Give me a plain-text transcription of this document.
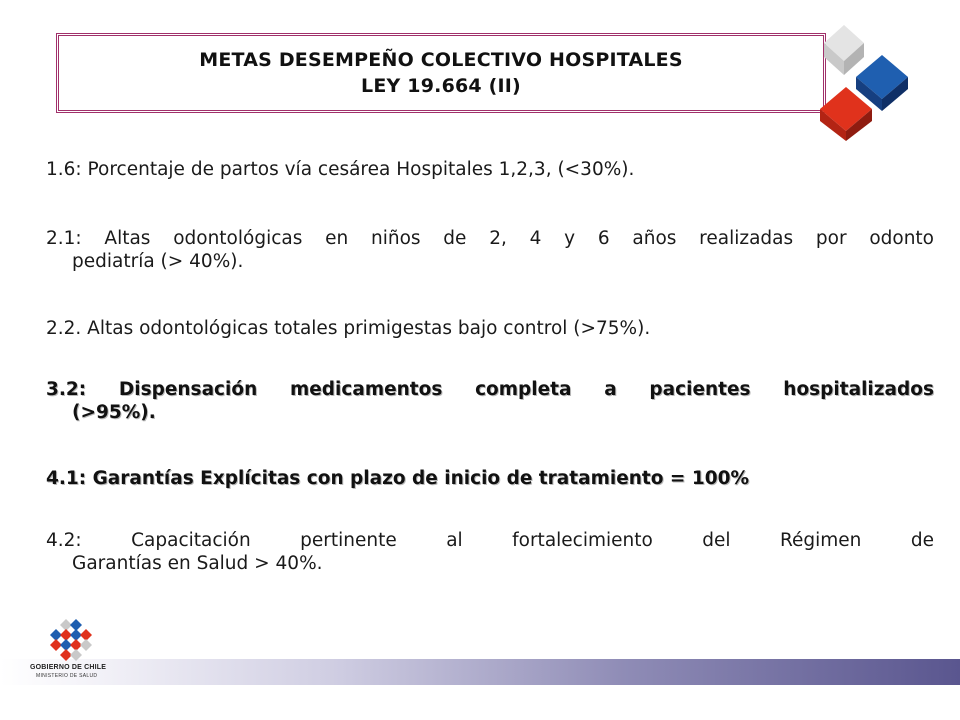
METAS DESEMPEÑO COLECTIVO HOSPITALES
LEY 19.664 (II)
1.6: Porcentaje de partos vía cesárea Hospitales 1,2,3, (<30%).
2.1: Altas odontológicas en niños de 2, 4 y 6 años realizadas por odonto
pediatría (> 40%).
2.2. Altas odontológicas totales primigestas bajo control (>75%).
3.2: Dispensación medicamentos completa a pacientes hospitalizados
(>95%).
4.1: Garantías Explícitas con plazo de inicio de tratamiento = 100%
4.2: Capacitación pertinente al fortalecimiento del Régimen de
Garantías en Salud > 40%.
GOBIERNO DE CHILE
MINISTERIO DE SALUD
